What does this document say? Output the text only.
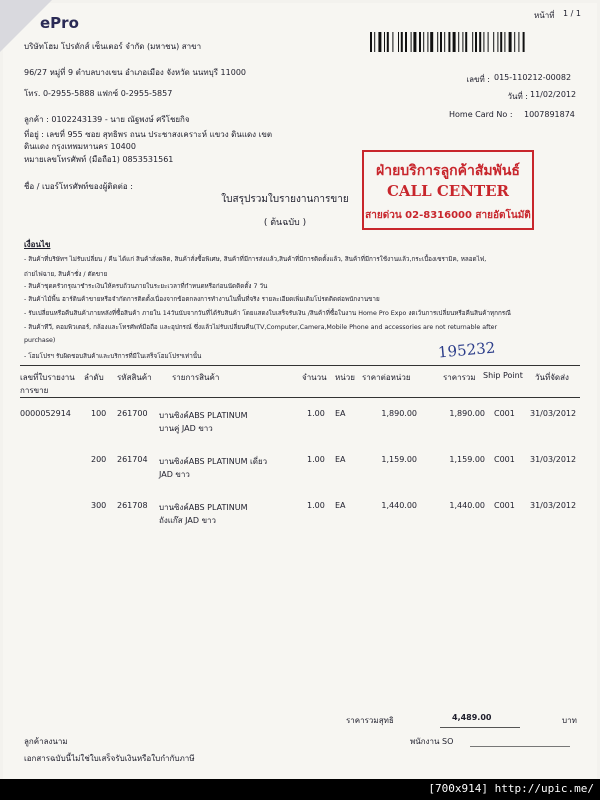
ePro
บริษัทโฮม โปรดักส์ เซ็นเตอร์ จำกัด (มหาชน) สาขา
หน้าที่ 1 / 1
96/27 หมู่ที่ 9 ตำบลบางเขน อำเภอเมือง จังหวัด นนทบุรี 11000
โทร. 0-2955-5888 แฟกซ์ 0-2955-5857
เลขที่ : 015-110212-00082
วันที่ : 11/02/2012
Home Card No : 1007891874
ลูกค้า : 0102243139 - นาย ณัฐพงษ์ ศรีโชยกิจ
ที่อยู่ : เลขที่ 955 ซอย สุทธิพร ถนน ประชาสงเคราะห์ แขวง ดินแดง เขต
ดินแดง กรุงเทพมหานคร 10400
หมายเลขโทรศัพท์ (มือถือ1) 0853531561
ชื่อ / เบอร์โทรศัพท์ของผู้ติดต่อ :
ฝ่ายบริการลูกค้าสัมพันธ์
CALL CENTER
สายด่วน 02-8316000 สายอัตโนมัติ
ใบสรุปรวมใบรายงานการขาย
( ต้นฉบับ )
เงื่อนไข
- สินค้าที่บริษัทฯ ไม่รับเปลี่ยน / คืน ได้แก่ สินค้าสั่งผลิต, สินค้าสั่งซื้อพิเศษ, สินค้าที่มีการส่งแล้ว,สินค้าที่มีการติดตั้งแล้ว, สินค้าที่มีการใช้งานแล้ว,กระเบื้องเซรามิค, หลอดไฟ,
ถ่ายไฟฉาย, สินค้าชั่ง / ตัดขาย
- สินค้าชุดครัวกรุณาชำระเงินให้ครบถ้วนภายในระยะเวลาที่กำหนดหรือก่อนนัดติดตั้ง 7 วัน
- สินค้าไม้พื้น ฮาร์ดินค้าขายหรือจำกัดการติดตั้งเนื่องจากข้อตกลงการทำงานในพื้นที่จริง รายละเอียดเพิ่มเติมโปรดติดต่อพนักงานขาย
- รับเปลี่ยนหรือคืนสินค้าภายหลังที่ซื้อสินค้า ภายใน 14วันนับจากวันที่ได้รับสินค้า โดยแสดงใบเสร็จรับเงิน /สินค้าที่ซื้อในงาน Home Pro Expo งดเว้นการเปลี่ยนหรือคืนสินค้าทุกกรณี
- สินค้าทีวี, คอมพิวเตอร์, กล้องและโทรศัพท์มือถือ และอุปกรณ์ ซึ่งแล้วไม่รับเปลี่ยนคืน(TV,Computer,Camera,Mobile Phone and accessories are not returnable after
purchase)
- โฮมโปรฯ รับผิดชอบสินค้าและบริการที่มีในเสร็จโฮมโปรฯเท่านั้น	195232
เลขที่ใบรายงาน
การขาย
ลำดับ รหัสสินค้า	รายการสินค้า	จำนวน หน่วย ราคาต่อหน่วย	ราคารวม Ship Point วันที่จัดส่ง
0000052914	100 261700 บานซิงค์ABS PLATINUM
บานคู่ JAD ขาว
1.00 EA	1,890.00	1,890.00 C001 31/03/2012
200 261704 บานซิงค์ABS PLATINUM เดี่ยว
JAD ขาว
1.00 EA	1,159.00	1,159.00 C001 31/03/2012
300 261708 บานซิงค์ABS PLATINUM
ถังแก๊ส JAD ขาว
1.00 EA	1,440.00	1,440.00 C001 31/03/2012
ราคารวมสุทธิ	4,489.00	บาท
ลูกค้าลงนาม	พนักงาน SO
เอกสารฉบับนี้ไม่ใช่ใบเสร็จรับเงินหรือใบกำกับภาษี
[700x914] http://upic.me/
